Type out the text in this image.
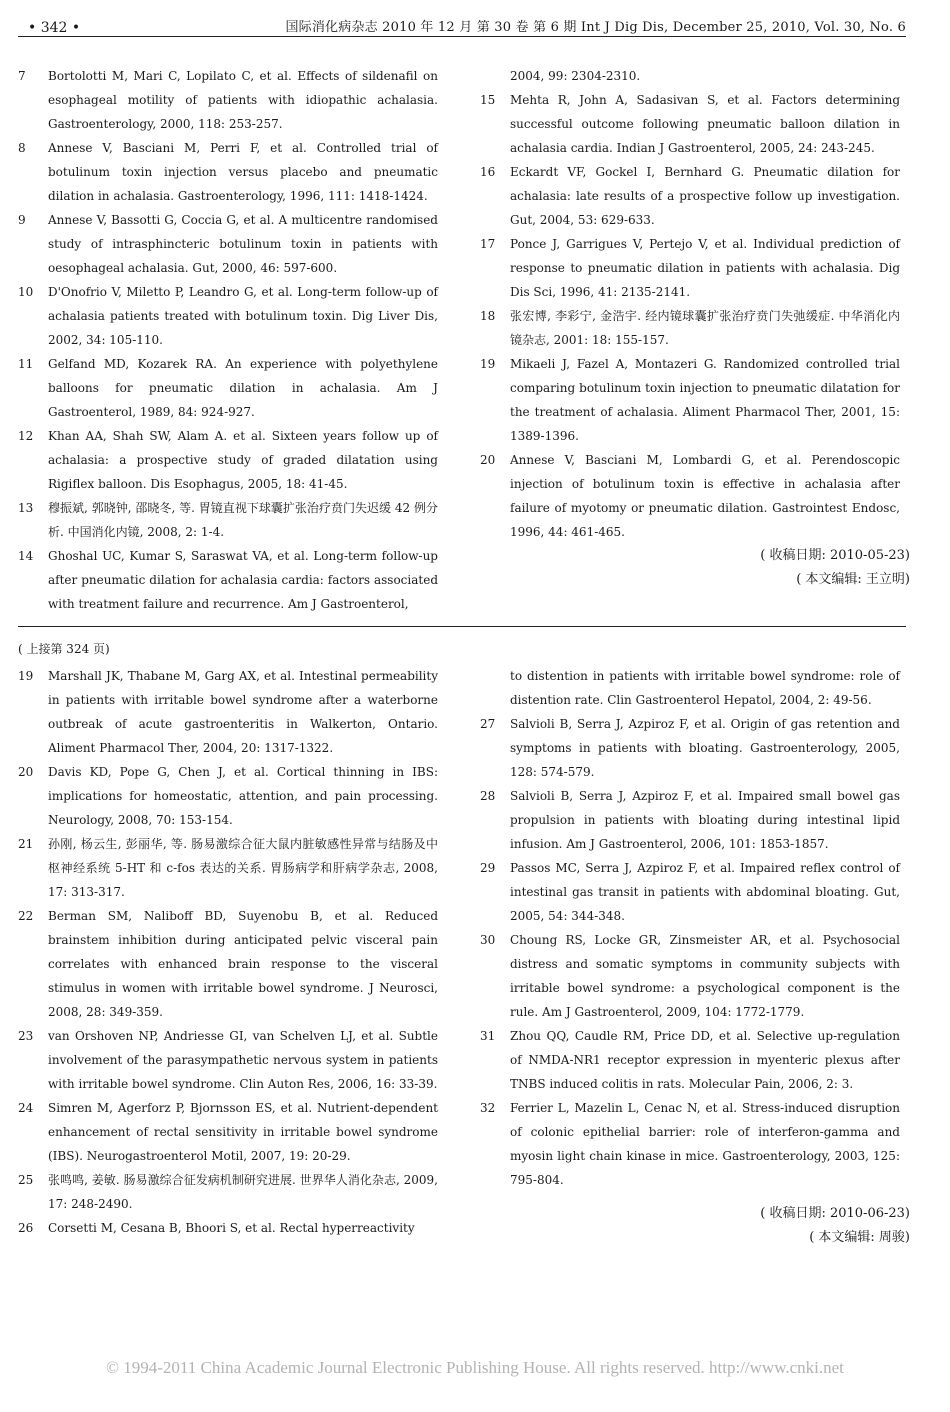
• 342 •	国际消化病杂志 2010 年 12 月 第 30 卷 第 6 期 Int J Dig Dis, December 25, 2010, Vol. 30, No. 6
7	Bortolotti M, Mari C, Lopilato C, et al. Effects of sildenafil on esophageal motility of patients with idiopathic achalasia. Gastroenterology, 2000, 118: 253-257.
8	Annese V, Basciani M, Perri F, et al. Controlled trial of botulinum toxin injection versus placebo and pneumatic dilation in achalasia. Gastroenterology, 1996, 111: 1418-1424.
9	Annese V, Bassotti G, Coccia G, et al. A multicentre randomised study of intrasphincteric botulinum toxin in patients with oesophageal achalasia. Gut, 2000, 46: 597-600.
10	D'Onofrio V, Miletto P, Leandro G, et al. Long-term follow-up of achalasia patients treated with botulinum toxin. Dig Liver Dis, 2002, 34: 105-110.
11	Gelfand MD, Kozarek RA. An experience with polyethylene balloons for pneumatic dilation in achalasia. Am J Gastroenterol, 1989, 84: 924-927.
12	Khan AA, Shah SW, Alam A. et al. Sixteen years follow up of achalasia: a prospective study of graded dilatation using Rigiflex balloon. Dis Esophagus, 2005, 18: 41-45.
13	穆振斌, 郭晓钟, 邵晓冬, 等. 胃镜直视下球囊扩张治疗贲门失迟缓 42 例分析. 中国消化内镜, 2008, 2: 1-4.
14	Ghoshal UC, Kumar S, Saraswat VA, et al. Long-term follow-up after pneumatic dilation for achalasia cardia: factors associated with treatment failure and recurrence. Am J Gastroenterol,
2004, 99: 2304-2310.
15	Mehta R, John A, Sadasivan S, et al. Factors determining successful outcome following pneumatic balloon dilation in achalasia cardia. Indian J Gastroenterol, 2005, 24: 243-245.
16	Eckardt VF, Gockel I, Bernhard G. Pneumatic dilation for achalasia: late results of a prospective follow up investigation. Gut, 2004, 53: 629-633.
17	Ponce J, Garrigues V, Pertejo V, et al. Individual prediction of response to pneumatic dilation in patients with achalasia. Dig Dis Sci, 1996, 41: 2135-2141.
18	张宏博, 李彩宁, 金浩宇. 经内镜球囊扩张治疗贲门失弛缓症. 中华消化内镜杂志, 2001: 18: 155-157.
19	Mikaeli J, Fazel A, Montazeri G. Randomized controlled trial comparing botulinum toxin injection to pneumatic dilatation for the treatment of achalasia. Aliment Pharmacol Ther, 2001, 15: 1389-1396.
20	Annese V, Basciani M, Lombardi G, et al. Perendoscopic injection of botulinum toxin is effective in achalasia after failure of myotomy or pneumatic dilation. Gastrointest Endosc, 1996, 44: 461-465.
( 收稿日期: 2010-05-23)
( 本文编辑: 王立明)
( 上接第 324 页)
19	Marshall JK, Thabane M, Garg AX, et al. Intestinal permeability in patients with irritable bowel syndrome after a waterborne outbreak of acute gastroenteritis in Walkerton, Ontario. Aliment Pharmacol Ther, 2004, 20: 1317-1322.
20	Davis KD, Pope G, Chen J, et al. Cortical thinning in IBS: implications for homeostatic, attention, and pain processing. Neurology, 2008, 70: 153-154.
21	孙刚, 杨云生, 彭丽华, 等. 肠易激综合征大鼠内脏敏感性异常与结肠及中枢神经系统 5-HT 和 c-fos 表达的关系. 胃肠病学和肝病学杂志, 2008, 17: 313-317.
22	Berman SM, Naliboff BD, Suyenobu B, et al. Reduced brainstem inhibition during anticipated pelvic visceral pain correlates with enhanced brain response to the visceral stimulus in women with irritable bowel syndrome. J Neurosci, 2008, 28: 349-359.
23	van Orshoven NP, Andriesse GI, van Schelven LJ, et al. Subtle involvement of the parasympathetic nervous system in patients with irritable bowel syndrome. Clin Auton Res, 2006, 16: 33-39.
24	Simren M, Agerforz P, Bjornsson ES, et al. Nutrient-dependent enhancement of rectal sensitivity in irritable bowel syndrome (IBS). Neurogastroenterol Motil, 2007, 19: 20-29.
25	张鸣鸣, 姜敏. 肠易激综合征发病机制研究进展. 世界华人消化杂志, 2009, 17: 248-2490.
26	Corsetti M, Cesana B, Bhoori S, et al. Rectal hyperreactivity
to distention in patients with irritable bowel syndrome: role of distention rate. Clin Gastroenterol Hepatol, 2004, 2: 49-56.
27	Salvioli B, Serra J, Azpiroz F, et al. Origin of gas retention and symptoms in patients with bloating. Gastroenterology, 2005, 128: 574-579.
28	Salvioli B, Serra J, Azpiroz F, et al. Impaired small bowel gas propulsion in patients with bloating during intestinal lipid infusion. Am J Gastroenterol, 2006, 101: 1853-1857.
29	Passos MC, Serra J, Azpiroz F, et al. Impaired reflex control of intestinal gas transit in patients with abdominal bloating. Gut, 2005, 54: 344-348.
30	Choung RS, Locke GR, Zinsmeister AR, et al. Psychosocial distress and somatic symptoms in community subjects with irritable bowel syndrome: a psychological component is the rule. Am J Gastroenterol, 2009, 104: 1772-1779.
31	Zhou QQ, Caudle RM, Price DD, et al. Selective up-regulation of NMDA-NR1 receptor expression in myenteric plexus after TNBS induced colitis in rats. Molecular Pain, 2006, 2: 3.
32	Ferrier L, Mazelin L, Cenac N, et al. Stress-induced disruption of colonic epithelial barrier: role of interferon-gamma and myosin light chain kinase in mice. Gastroenterology, 2003, 125: 795-804.
( 收稿日期: 2010-06-23)
( 本文编辑: 周骏)
© 1994-2011 China Academic Journal Electronic Publishing House. All rights reserved. http://www.cnki.net
